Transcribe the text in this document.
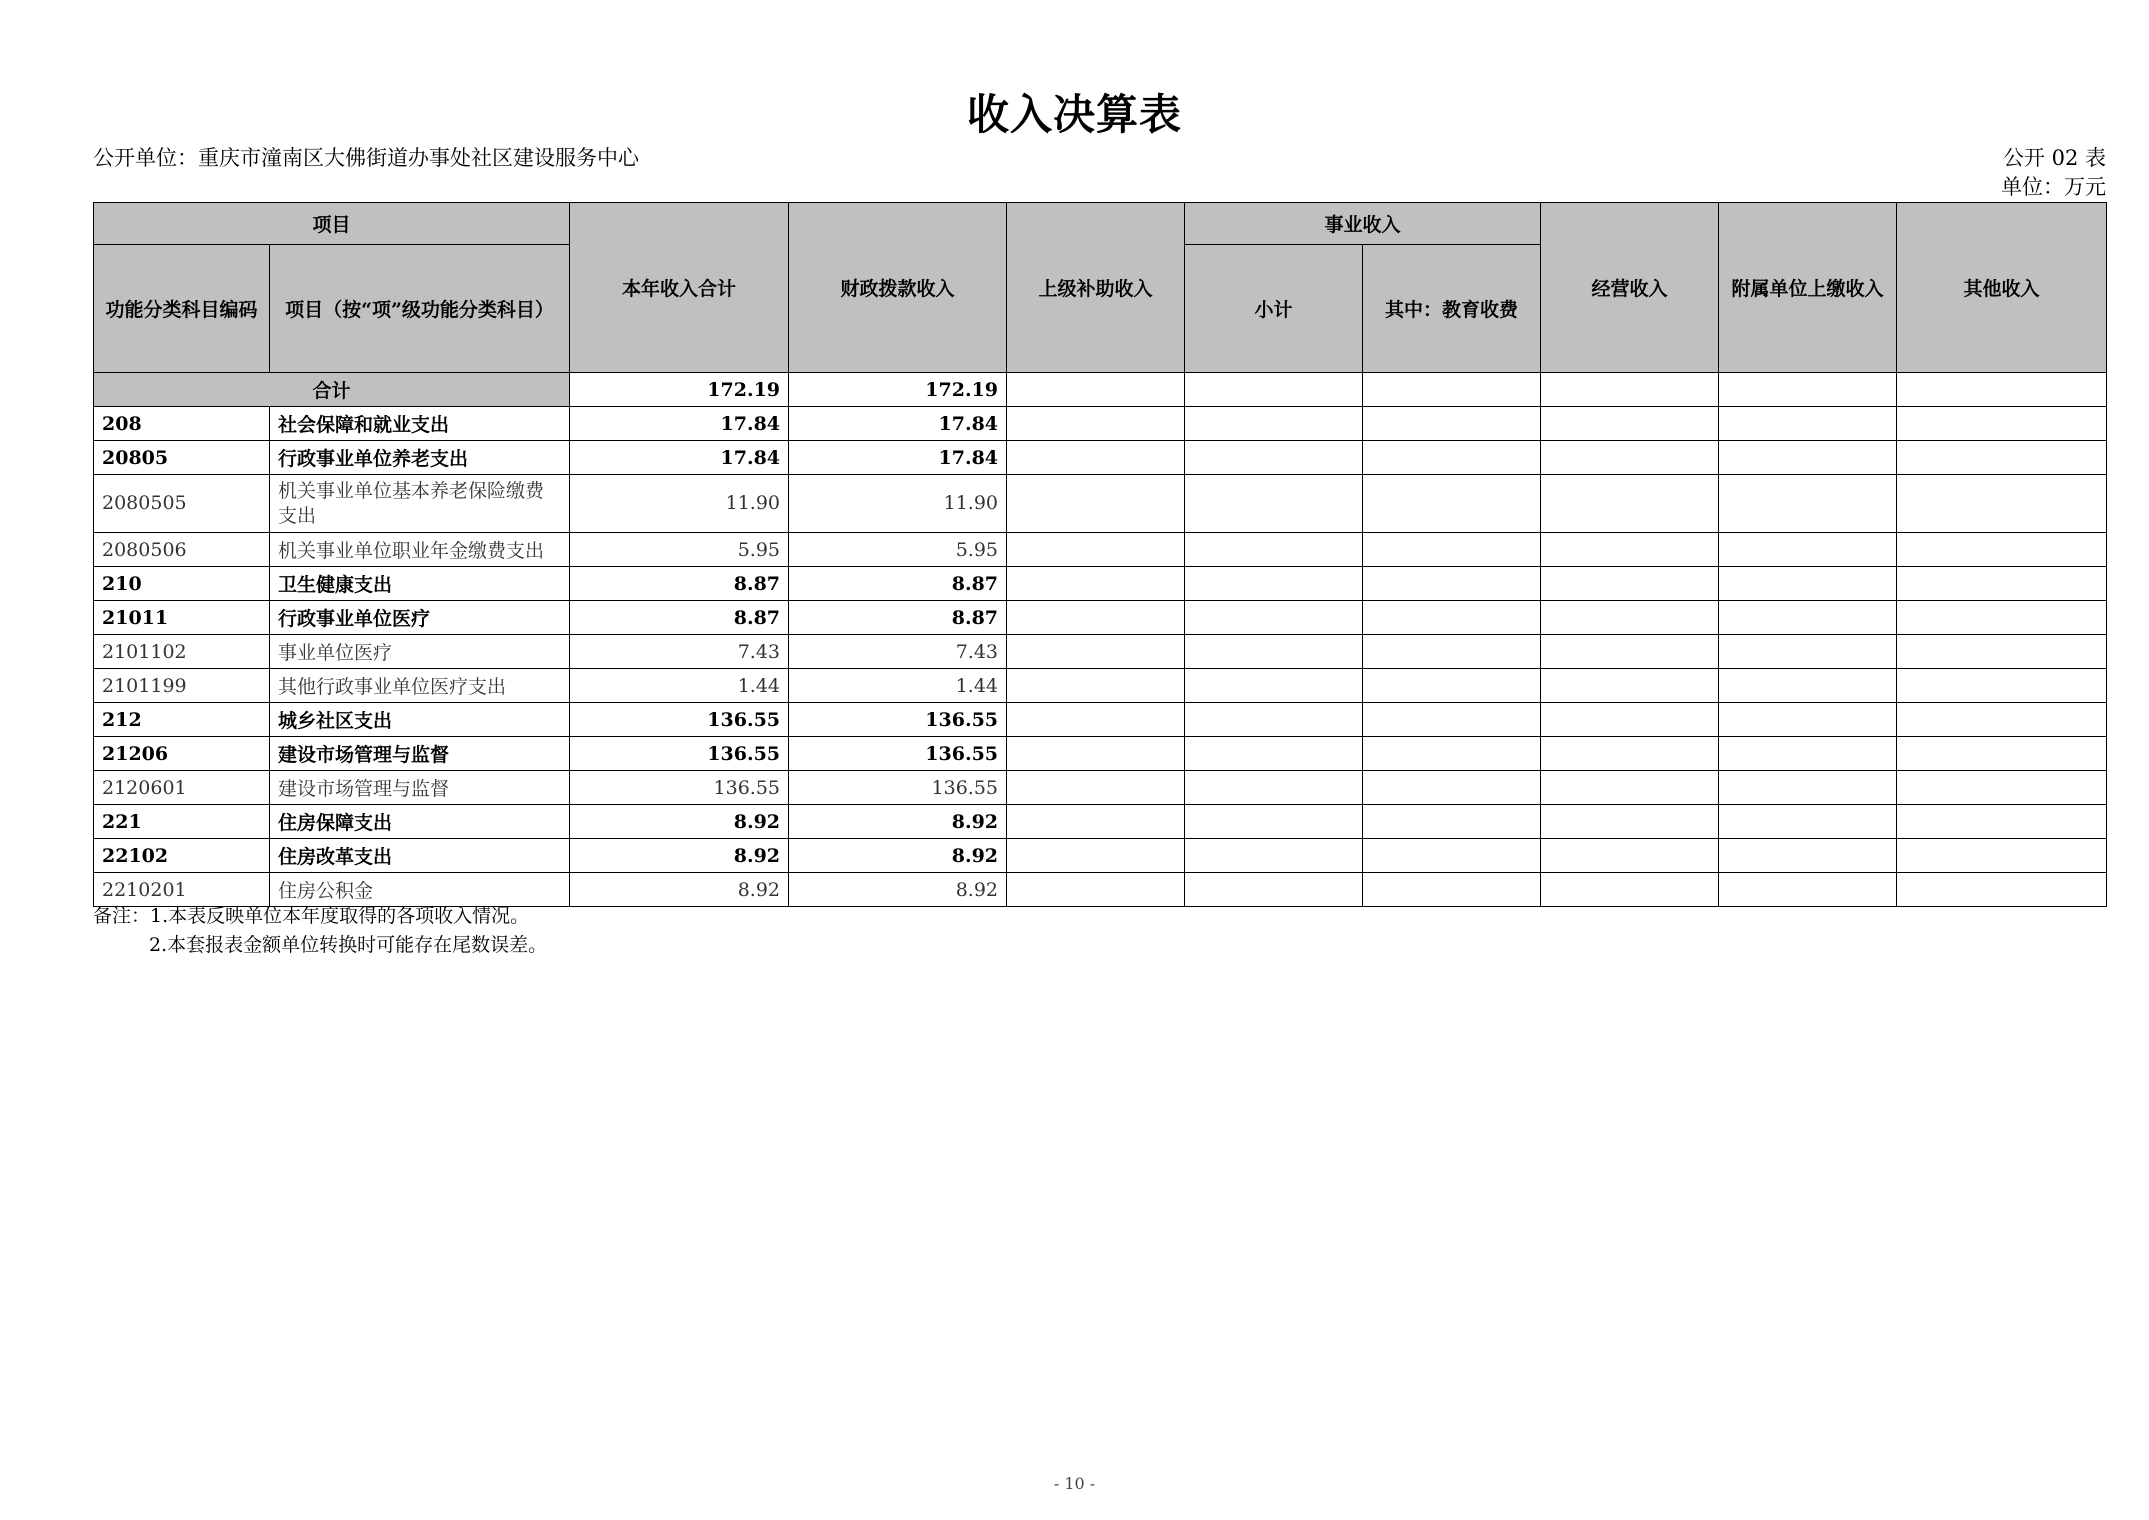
收入决算表
公开单位：重庆市潼南区大佛街道办事处社区建设服务中心	公开 02 表
单位：万元
项目		本年收入合计	财政拨款收入	上级补助收入	事业收入		经营收入	附属单位上缴收入	其他收入
功能分类科目编码	项目（按“项”级功能分类科目）				小计	其中：教育收费			
合计		172.19	172.19						
208	社会保障和就业支出	17.84	17.84						
20805	行政事业单位养老支出	17.84	17.84						
2080505	机关事业单位基本养老保险缴费支出	11.90	11.90						
2080506	机关事业单位职业年金缴费支出	5.95	5.95						
210	卫生健康支出	8.87	8.87						
21011	行政事业单位医疗	8.87	8.87						
2101102	事业单位医疗	7.43	7.43						
2101199	其他行政事业单位医疗支出	1.44	1.44						
212	城乡社区支出	136.55	136.55						
21206	建设市场管理与监督	136.55	136.55						
2120601	建设市场管理与监督	136.55	136.55						
221	住房保障支出	8.92	8.92						
22102	住房改革支出	8.92	8.92						
2210201	住房公积金	8.92	8.92						
备注：1.本表反映单位本年度取得的各项收入情况。
2.本套报表金额单位转换时可能存在尾数误差。
- 10 -
